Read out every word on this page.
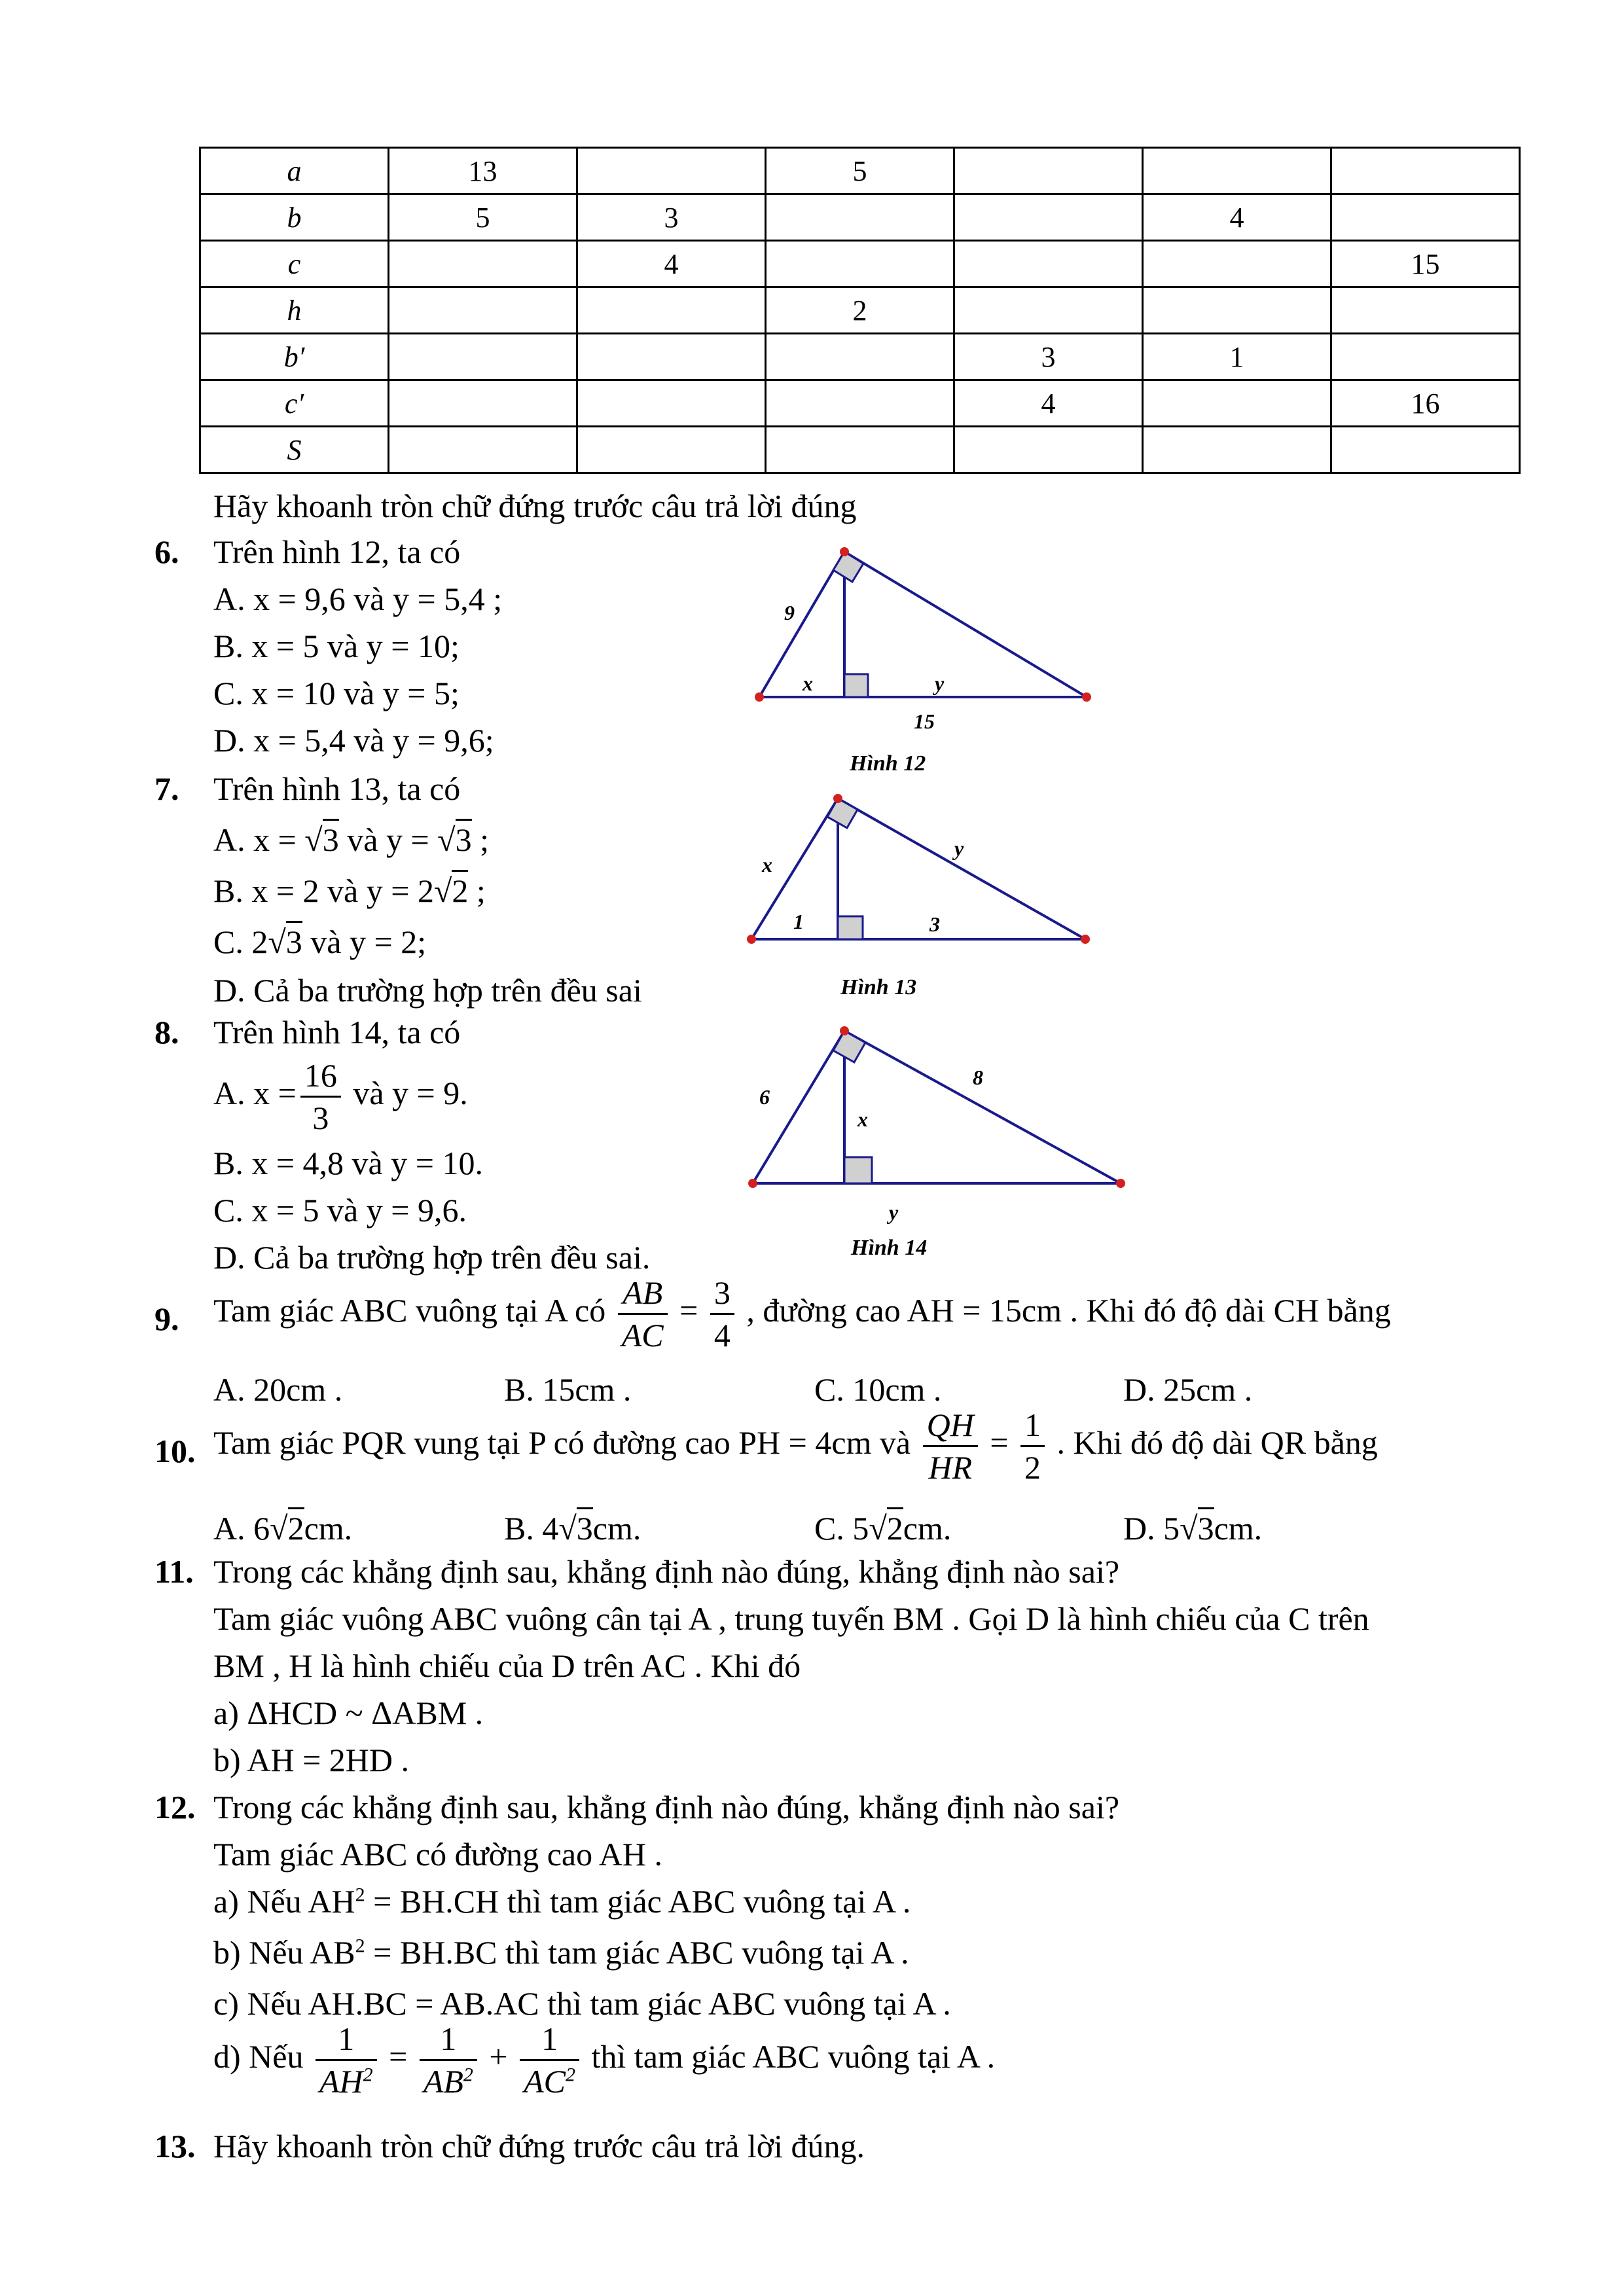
a	13		5			
b	5	3			4	
c		4				15
h			2			
b′				3	1	
c′				4		16
S						
Hãy khoanh tròn chữ đứng trước câu trả lời đúng
6. Trên hình 12, ta có
A. x = 9,6 và y = 5,4 ;
B. x = 5 và y = 10;
C. x = 10 và y = 5;
D. x = 5,4 và y = 9,6;
9
x	y
15
Hình 12
7. Trên hình 13, ta có
A. x = √3 và y = √3 ;
B. x = 2 và y = 2√2 ;
C. 2√3 và y = 2;
D. Cả ba trường hợp trên đều sai
x
y
1	3
Hình 13
8. Trên hình 14, ta có
A. $x = \frac{16}{3}$ và y = 9.
B. x = 4,8 và y = 10.
C. x = 5 và y = 9,6.
D. Cả ba trường hợp trên đều sai.
6
8
x
y
Hình 14
9. Tam giác ABC vuông tại A có $\frac{AB}{AC} = \frac{3}{4}$ , đường cao AH = 15cm . Khi đó độ dài CH bằng
A. 20cm .	B. 15cm .	C. 10cm .	D. 25cm .
10. Tam giác PQR vung tại P có đường cao PH = 4cm và $\frac{QH}{HR} = \frac{1}{2}$ . Khi đó độ dài QR bằng
A. 6√2cm.	B. 4√3cm.	C. 5√2cm.	D. 5√3cm.
11. Trong các khẳng định sau, khẳng định nào đúng, khẳng định nào sai?
Tam giác vuông ABC vuông cân tại A , trung tuyến BM . Gọi D là hình chiếu của C trên
BM , H là hình chiếu của D trên AC . Khi đó
a) ΔHCD ~ ΔABM .
b) AH = 2HD .
12. Trong các khẳng định sau, khẳng định nào đúng, khẳng định nào sai?
Tam giác ABC có đường cao AH .
a) Nếu $AH^2 = BH.CH$ thì tam giác ABC vuông tại A .
b) Nếu $AB^2 = BH.BC$ thì tam giác ABC vuông tại A .
c) Nếu AH.BC = AB.AC thì tam giác ABC vuông tại A .
d) Nếu $\frac{1}{AH^2} = \frac{1}{AB^2} + \frac{1}{AC^2}$ thì tam giác ABC vuông tại A .
13. Hãy khoanh tròn chữ đứng trước câu trả lời đúng.
